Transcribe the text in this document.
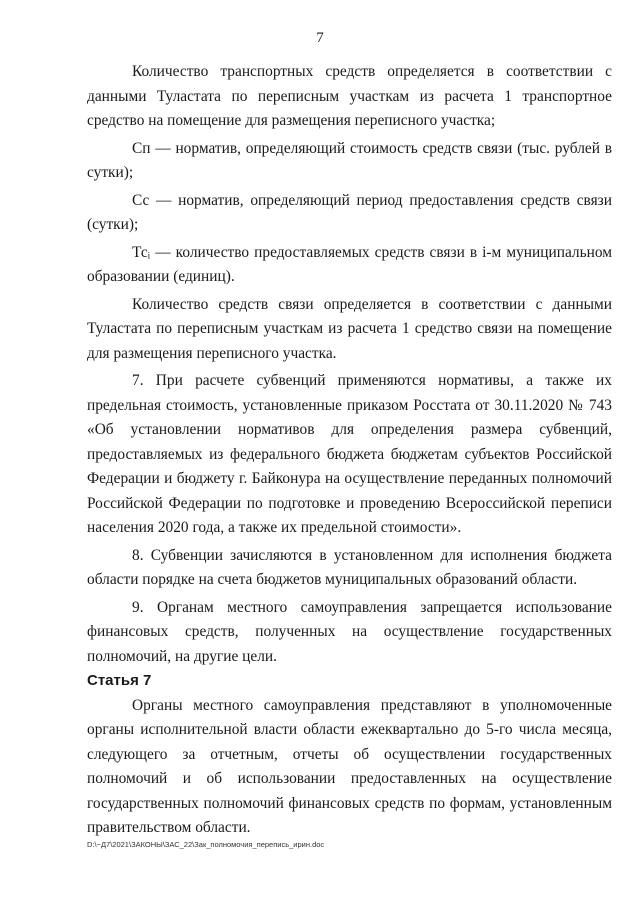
7

Количество транспортных средств определяется в соответствии с данными Туластата по переписным участкам из расчета 1 транспортное средство на помещение для размещения переписного участка;

Сп — норматив, определяющий стоимость средств связи (тыс. рублей в сутки);

Сс — норматив, определяющий период предоставления средств связи (сутки);

Тсᵢ — количество предоставляемых средств связи в i-м муниципальном образовании (единиц).

Количество средств связи определяется в соответствии с данными Туластата по переписным участкам из расчета 1 средство связи на помещение для размещения переписного участка.

7. При расчете субвенций применяются нормативы, а также их предельная стоимость, установленные приказом Росстата от 30.11.2020 № 743 «Об установлении нормативов для определения размера субвенций, предоставляемых из федерального бюджета бюджетам субъектов Российской Федерации и бюджету г. Байконура на осуществление переданных полномочий Российской Федерации по подготовке и проведению Всероссийской переписи населения 2020 года, а также их предельной стоимости».

8. Субвенции зачисляются в установленном для исполнения бюджета области порядке на счета бюджетов муниципальных образований области.

9. Органам местного самоуправления запрещается использование финансовых средств, полученных на осуществление государственных полномочий, на другие цели.

Статья 7

Органы местного самоуправления представляют в уполномоченные органы исполнительной власти области ежеквартально до 5-го числа месяца, следующего за отчетным, отчеты об осуществлении государственных полномочий и об использовании предоставленных на осуществление государственных полномочий финансовых средств по формам, установленным правительством области.

D:\~Д7\2021\ЗАКОНЫ\ЗАС_22\Зак_полномочия_перепись_ирин.doc
